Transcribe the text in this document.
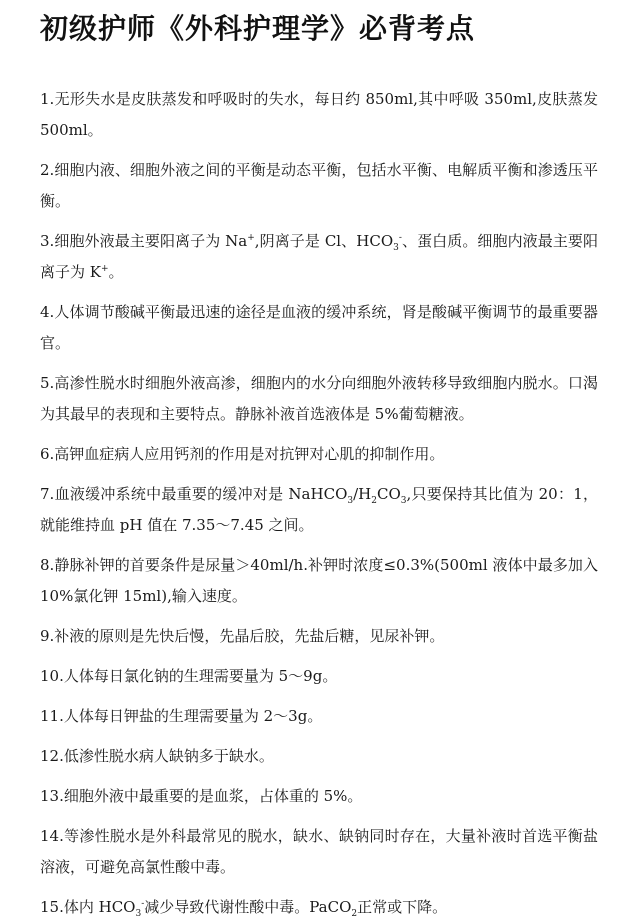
初级护师《外科护理学》必背考点

1.无形失水是皮肤蒸发和呼吸时的失水，每日约 850ml,其中呼吸 350ml,皮肤蒸发 500ml。

2.细胞内液、细胞外液之间的平衡是动态平衡，包括水平衡、电解质平衡和渗透压平衡。

3.细胞外液最主要阳离子为 Na+,阴离子是 Cl、$HCO_3^-$、蛋白质。细胞内液最主要阳离子为 K+。

4.人体调节酸碱平衡最迅速的途径是血液的缓冲系统，肾是酸碱平衡调节的最重要器官。

5.高渗性脱水时细胞外液高渗，细胞内的水分向细胞外液转移导致细胞内脱水。口渴为其最早的表现和主要特点。静脉补液首选液体是 5%葡萄糖液。

6.高钾血症病人应用钙剂的作用是对抗钾对心肌的抑制作用。

7.血液缓冲系统中最重要的缓冲对是 $NaHCO_3/H_2CO_3$,只要保持其比值为 20：1，就能维持血 pH 值在 7.35～7.45 之间。

8.静脉补钾的首要条件是尿量＞40ml/h.补钾时浓度≤0.3%(500ml 液体中最多加入 10%氯化钾 15ml),输入速度。

9.补液的原则是先快后慢，先晶后胶，先盐后糖，见尿补钾。

10.人体每日氯化钠的生理需要量为 5～9g。

11.人体每日钾盐的生理需要量为 2～3g。

12.低渗性脱水病人缺钠多于缺水。

13.细胞外液中最重要的是血浆，占体重的 5%。

14.等渗性脱水是外科最常见的脱水，缺水、缺钠同时存在，大量补液时首选平衡盐溶液，可避免高氯性酸中毒。

15.体内 $HCO_3^-$减少导致代谢性酸中毒。PaCO$_2$正常或下降。
